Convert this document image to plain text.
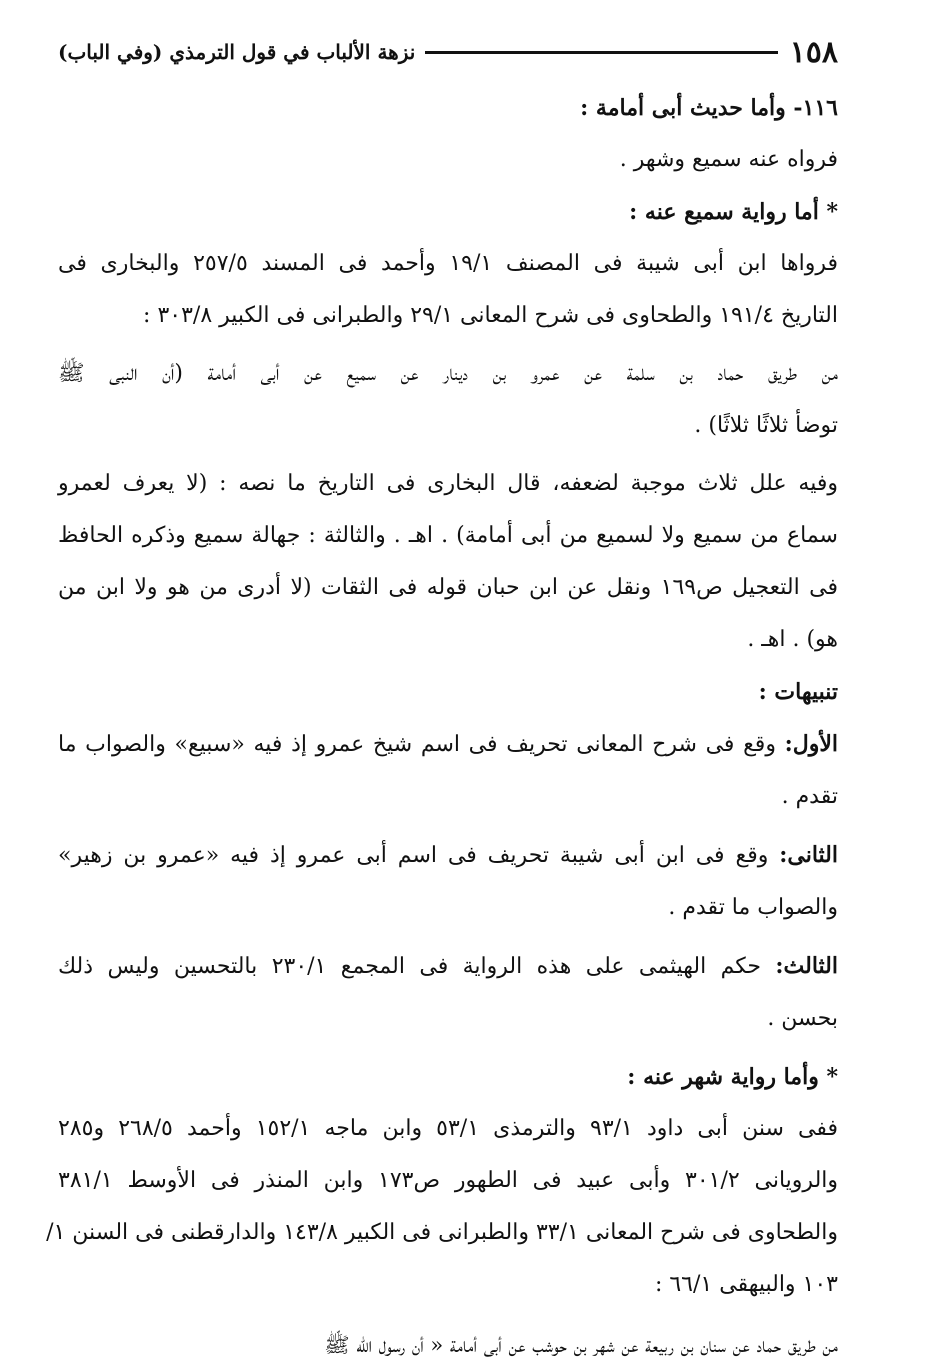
١٥٨
نزهة الألباب في قول الترمذي (وفي الباب)
١١٦- وأما حديث أبى أمامة :
فرواه عنه سميع وشهر .
* أما رواية سميع عنه :
فرواها ابن أبى شيبة فى المصنف ١٩/١ وأحمد فى المسند ٢٥٧/٥ والبخارى فى
التاريخ ١٩١/٤ والطحاوى فى شرح المعانى ٢٩/١ والطبرانى فى الكبير ٣٠٣/٨ :
من طريق حماد بن سلمة عن عمرو بن دينار عن سميع عن أبى أمامة (أن النبى ﷺ
توضأ ثلاثًا ثلاثًا) .
وفيه علل ثلاث موجبة لضعفه، قال البخارى فى التاريخ ما نصه : (لا يعرف لعمرو
سماع من سميع ولا لسميع من أبى أمامة) . اهـ . والثالثة : جهالة سميع وذكره الحافظ
فى التعجيل ص١٦٩ ونقل عن ابن حبان قوله فى الثقات (لا أدرى من هو ولا ابن من
هو) . اهـ .
تنبيهات :
الأول: وقع فى شرح المعانى تحريف فى اسم شيخ عمرو إذ فيه «سبيع» والصواب ما
تقدم .
الثانى: وقع فى ابن أبى شيبة تحريف فى اسم أبى عمرو إذ فيه «عمرو بن زهير»
والصواب ما تقدم .
الثالث: حكم الهيثمى على هذه الرواية فى المجمع ٢٣٠/١ بالتحسين وليس ذلك
بحسن .
* وأما رواية شهر عنه :
ففى سنن أبى داود ٩٣/١ والترمذى ٥٣/١ وابن ماجه ١٥٢/١ وأحمد ٢٦٨/٥ و٢٨٥
والرويانى ٣٠١/٢ وأبى عبيد فى الطهور ص١٧٣ وابن المنذر فى الأوسط ٣٨١/١
والطحاوى فى شرح المعانى ٣٣/١ والطبرانى فى الكبير ١٤٣/٨ والدارقطنى فى السنن ١/
١٠٣ والبيهقى ٦٦/١ :
من طريق حماد عن سنان بن ربيعة عن شهر بن حوشب عن أبى أمامة « أن رسول الله ﷺ
